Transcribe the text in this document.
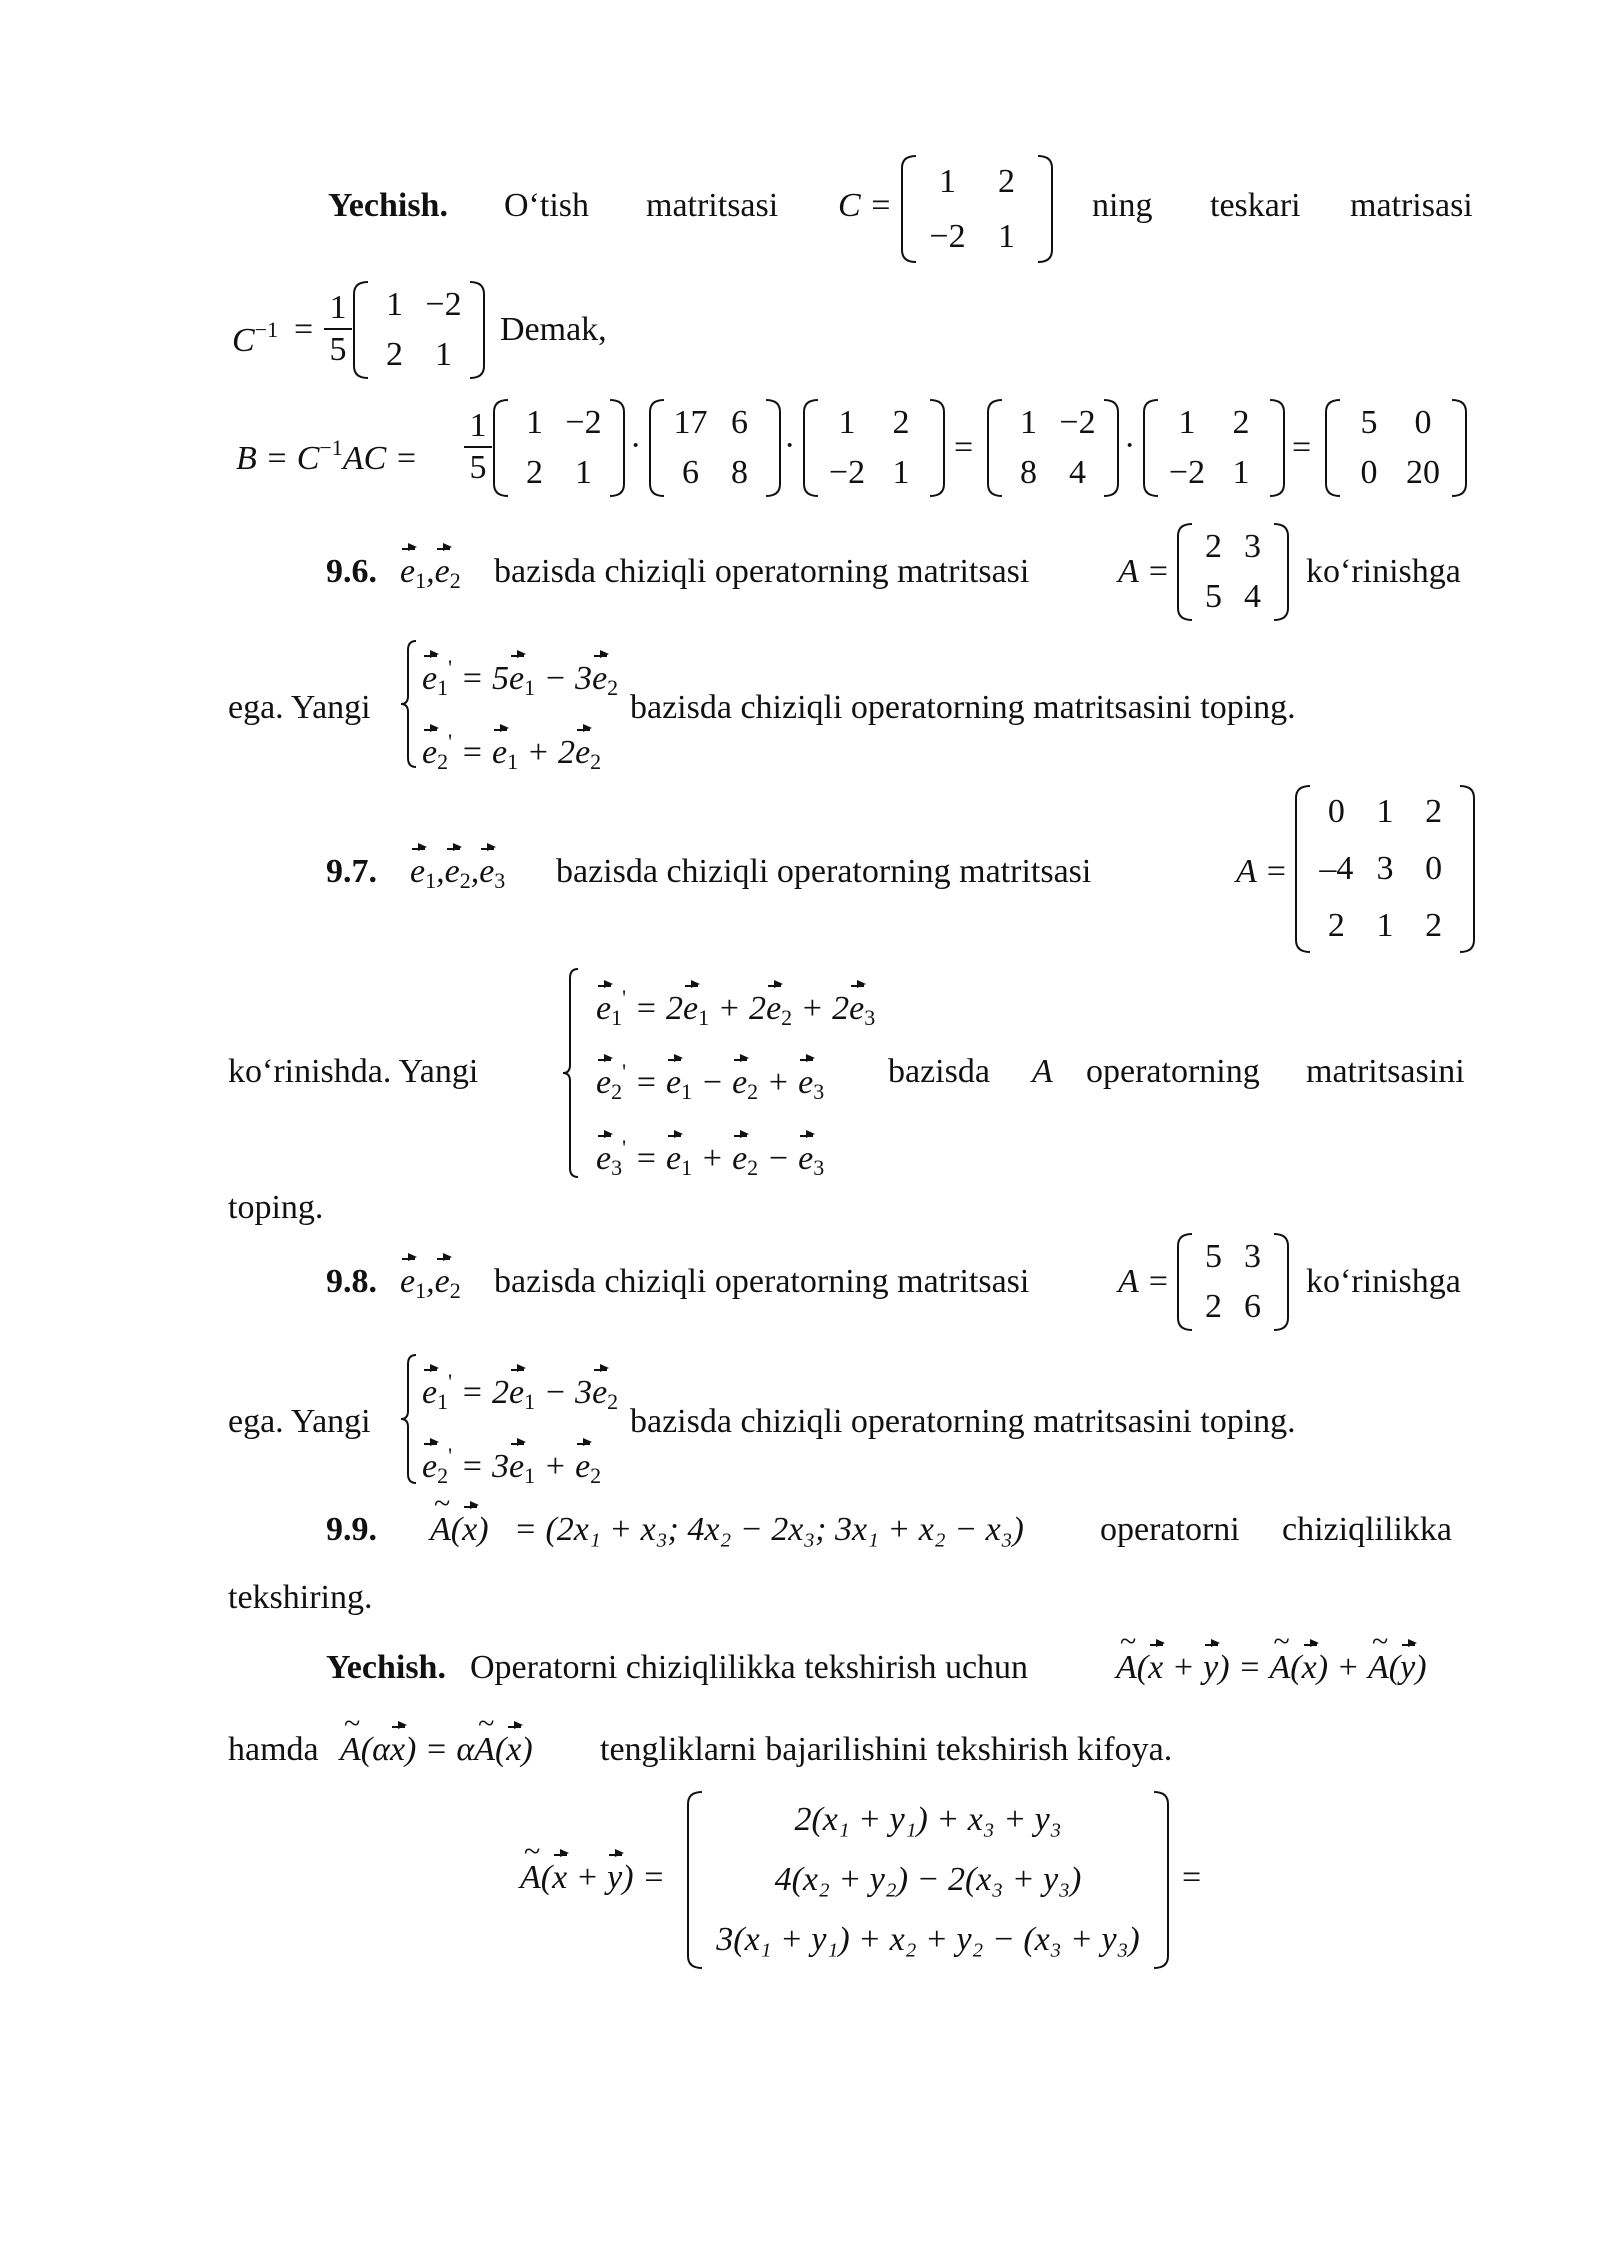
Yechish. O‘tish matritsasi C =
1	2
−2 1
ning teskari matrisasi
$C^{-1} = \frac{1}{5}$	1 −2
2 1
Demak,
$B = C^{-1}AC = \frac{1}{5}$	1 −2
2 1
·
17 6
6 8
·
1	2
−2 1
=
1 −2
8 4
·
1	2
−2 1
=
5	0
0 20
9.6. $e_1,e_2$ bazisda chiziqli operatorning matritsasi	A =
2 3
5 4
ko‘rinishga
ega. Yangi
$e_1' = 5e_1 - 3e_2$
$e_2' = e_1 + 2e_2$
bazisda chiziqli operatorning matritsasini toping.
9.7. $e_1,e_2,e_3$ bazisda chiziqli operatorning matritsasi	A =
0 1 2
–4 3 0
2 1 2
ko‘rinishda. Yangi
$e_1' = 2e_1 + 2e_2 + 2e_3$
$e_2' = e_1 - e_2 + e_3$
$e_3' = e_1 + e_2 - e_3$
bazisda A operatorning matritsasini
toping.
9.8. $e_1,e_2$ bazisda chiziqli operatorning matritsasi	A =
5 3
2 6
ko‘rinishga
ega. Yangi
$e_1' = 2e_1 - 3e_2$
$e_2' = 3e_1 + e_2$
bazisda chiziqli operatorning matritsasini toping.
9.9. ~ A(x) = (2x₁ + x₃; 4x₂ − 2x₃; 3x₁ + x₂ − x₃) operatorni chiziqlilikka
tekshiring.
Yechish. Operatorni chiziqlilikka tekshirish uchun	~ A(x + y) = ~ A(x) + ~ A(y)
hamda ~ A(αx) = α~ A(x) tengliklarni bajarilishini tekshirish kifoya.
~ A(x + y) =
2(x₁ + y₁) + x₃ + y₃
4(x₂ + y₂) − 2(x₃ + y₃)
3(x₁ + y₁) + x₂ + y₂ − (x₃ + y₃)
=
